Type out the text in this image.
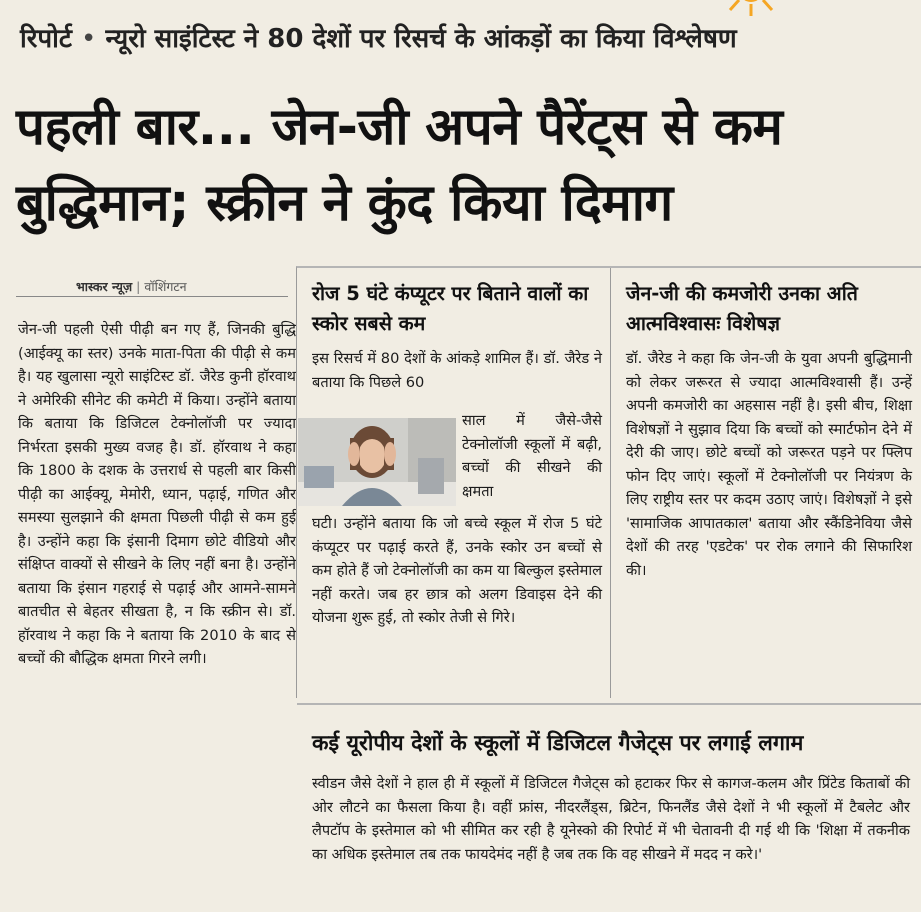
रिपोर्ट • न्यूरो साइंटिस्ट ने 80 देशों पर रिसर्च के आंकड़ों का किया विश्लेषण
पहली बार... जेन-जी अपने पैरेंट्स से कम
बुद्धिमान; स्क्रीन ने कुंद किया दिमाग
भास्कर न्यूज़ | वॉशिंगटन
जेन-जी पहली ऐसी पीढ़ी बन गए हैं, जिनकी बुद्धि (आईक्यू का स्तर) उनके माता-पिता की पीढ़ी से कम है। यह खुलासा न्यूरो साइंटिस्ट डॉ. जैरेड कुनी हॉरवाथ ने अमेरिकी सीनेट की कमेटी में किया। उन्होंने बताया कि बताया कि डिजिटल टेक्नोलॉजी पर ज्यादा निर्भरता इसकी मुख्य वजह है। डॉ. हॉरवाथ ने कहा कि 1800 के दशक के उत्तरार्ध से पहली बार किसी पीढ़ी का आईक्यू, मेमोरी, ध्यान, पढ़ाई, गणित और समस्या सुलझाने की क्षमता पिछली पीढ़ी से कम हुई है। उन्होंने कहा कि इंसानी दिमाग छोटे वीडियो और संक्षिप्त वाक्यों से सीखने के लिए नहीं बना है। उन्होंने बताया कि इंसान गहराई से पढ़ाई और आमने-सामने बातचीत से बेहतर सीखता है, न कि स्क्रीन से। डॉ. हॉरवाथ ने कहा कि ने बताया कि 2010 के बाद से बच्चों की बौद्धिक क्षमता गिरने लगी।
रोज 5 घंटे कंप्यूटर पर बिताने वालों का स्कोर सबसे कम
इस रिसर्च में 80 देशों के आंकड़े शामिल हैं। डॉ. जैरेड ने बताया कि पिछले 60
साल में जैसे-जैसे टेक्नोलॉजी स्कूलों में बढ़ी, बच्चों की सीखने की क्षमता
घटी। उन्होंने बताया कि जो बच्चे स्कूल में रोज 5 घंटे कंप्यूटर पर पढ़ाई करते हैं, उनके स्कोर उन बच्चों से कम होते हैं जो टेक्नोलॉजी का कम या बिल्कुल इस्तेमाल नहीं करते। जब हर छात्र को अलग डिवाइस देने की योजना शुरू हुई, तो स्कोर तेजी से गिरे।
जेन-जी की कमजोरी उनका अति आत्मविश्वासः विशेषज्ञ
डॉ. जैरेड ने कहा कि जेन-जी के युवा अपनी बुद्धिमानी को लेकर जरूरत से ज्यादा आत्मविश्वासी हैं। उन्हें अपनी कमजोरी का अहसास नहीं है। इसी बीच, शिक्षा विशेषज्ञों ने सुझाव दिया कि बच्चों को स्मार्टफोन देने में देरी की जाए। छोटे बच्चों को जरूरत पड़ने पर फ्लिप फोन दिए जाएं। स्कूलों में टेक्नोलॉजी पर नियंत्रण के लिए राष्ट्रीय स्तर पर कदम उठाए जाएं। विशेषज्ञों ने इसे 'सामाजिक आपातकाल' बताया और स्कैंडिनेविया जैसे देशों की तरह 'एडटेक' पर रोक लगाने की सिफारिश की।
कई यूरोपीय देशों के स्कूलों में डिजिटल गैजेट्स पर लगाई लगाम
स्वीडन जैसे देशों ने हाल ही में स्कूलों में डिजिटल गैजेट्स को हटाकर फिर से कागज-कलम और प्रिंटेड किताबों की ओर लौटने का फैसला किया है। वहीं फ्रांस, नीदरलैंड्स, ब्रिटेन, फिनलैंड जैसे देशों ने भी स्कूलों में टैबलेट और लैपटॉप के इस्तेमाल को भी सीमित कर रही है यूनेस्को की रिपोर्ट में भी चेतावनी दी गई थी कि 'शिक्षा में तकनीक का अधिक इस्तेमाल तब तक फायदेमंद नहीं है जब तक कि वह सीखने में मदद न करे।'
